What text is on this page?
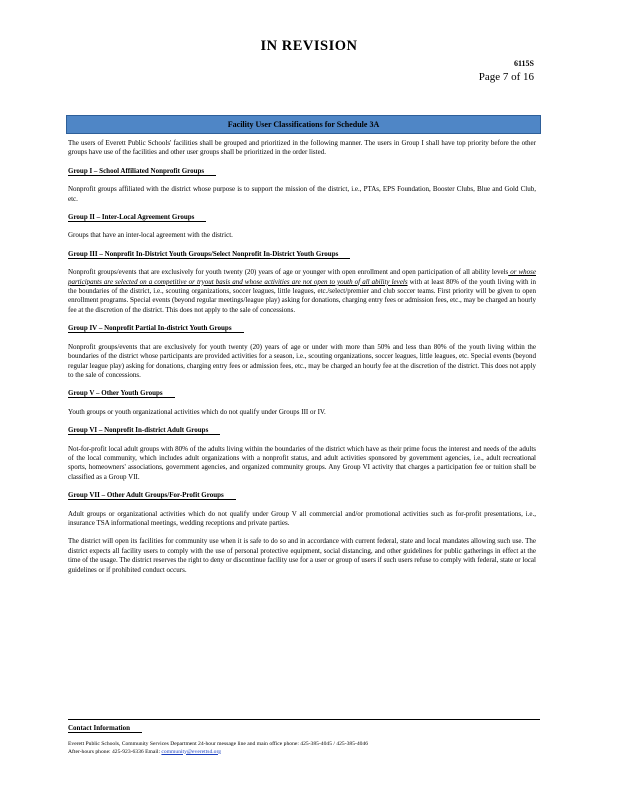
IN REVISION
6115S
Page 7 of 16
Facility User Classifications for Schedule 3A

The users of Everett Public Schools' facilities shall be grouped and prioritized in the following manner. The users in Group I shall have top priority before the other groups have use of the facilities and other user groups shall be prioritized in the order listed.

Group I – School Affiliated Nonprofit Groups

Nonprofit groups affiliated with the district whose purpose is to support the mission of the district, i.e., PTAs, EPS Foundation, Booster Clubs, Blue and Gold Club, etc.

Group II – Inter-Local Agreement Groups

Groups that have an inter-local agreement with the district.

Group III – Nonprofit In-District Youth Groups/Select Nonprofit In-District Youth Groups

Nonprofit groups/events that are exclusively for youth twenty (20) years of age or younger with open enrollment and open participation of all ability levels or whose participants are selected on a competitive or tryout basis and whose activities are not open to youth of all ability levels with at least 80% of the youth living with in the boundaries of the district, i.e., scouting organizations, soccer leagues, little leagues, etc./select/premier and club soccer teams. First priority will be given to open enrollment programs. Special events (beyond regular meetings/league play) asking for donations, charging entry fees or admission fees, etc., may be charged an hourly fee at the discretion of the district. This does not apply to the sale of concessions.

Group IV – Nonprofit Partial In-district Youth Groups

Nonprofit groups/events that are exclusively for youth twenty (20) years of age or under with more than 50% and less than 80% of the youth living within the boundaries of the district whose participants are provided activities for a season, i.e., scouting organizations, soccer leagues, little leagues, etc. Special events (beyond regular league play) asking for donations, charging entry fees or admission fees, etc., may be charged an hourly fee at the discretion of the district. This does not apply to the sale of concessions.

Group V – Other Youth Groups

Youth groups or youth organizational activities which do not qualify under Groups III or IV.

Group VI – Nonprofit In-district Adult Groups

Not-for-profit local adult groups with 80% of the adults living within the boundaries of the district which have as their prime focus the interest and needs of the adults of the local community, which includes adult organizations with a nonprofit status, and adult activities sponsored by government agencies, i.e., adult recreational sports, homeowners' associations, government agencies, and organized community groups. Any Group VI activity that charges a participation fee or tuition shall be classified as a Group VII.

Group VII – Other Adult Groups/For-Profit Groups

Adult groups or organizational activities which do not qualify under Group V all commercial and/or promotional activities such as for-profit presentations, i.e., insurance TSA informational meetings, wedding receptions and private parties.

The district will open its facilities for community use when it is safe to do so and in accordance with current federal, state and local mandates allowing such use. The district expects all facility users to comply with the use of personal protective equipment, social distancing, and other guidelines for public gatherings in effect at the time of the usage. The district reserves the right to deny or discontinue facility use for a user or group of users if such users refuse to comply with federal, state or local guidelines or if prohibited conduct occurs.

Contact Information
Everett Public Schools, Community Services Department 24-hour message line and main office phone: 425-385-4045 / 425-385-4046
After-hours phone: 425-923-6336 Email: community@everettsd.org
